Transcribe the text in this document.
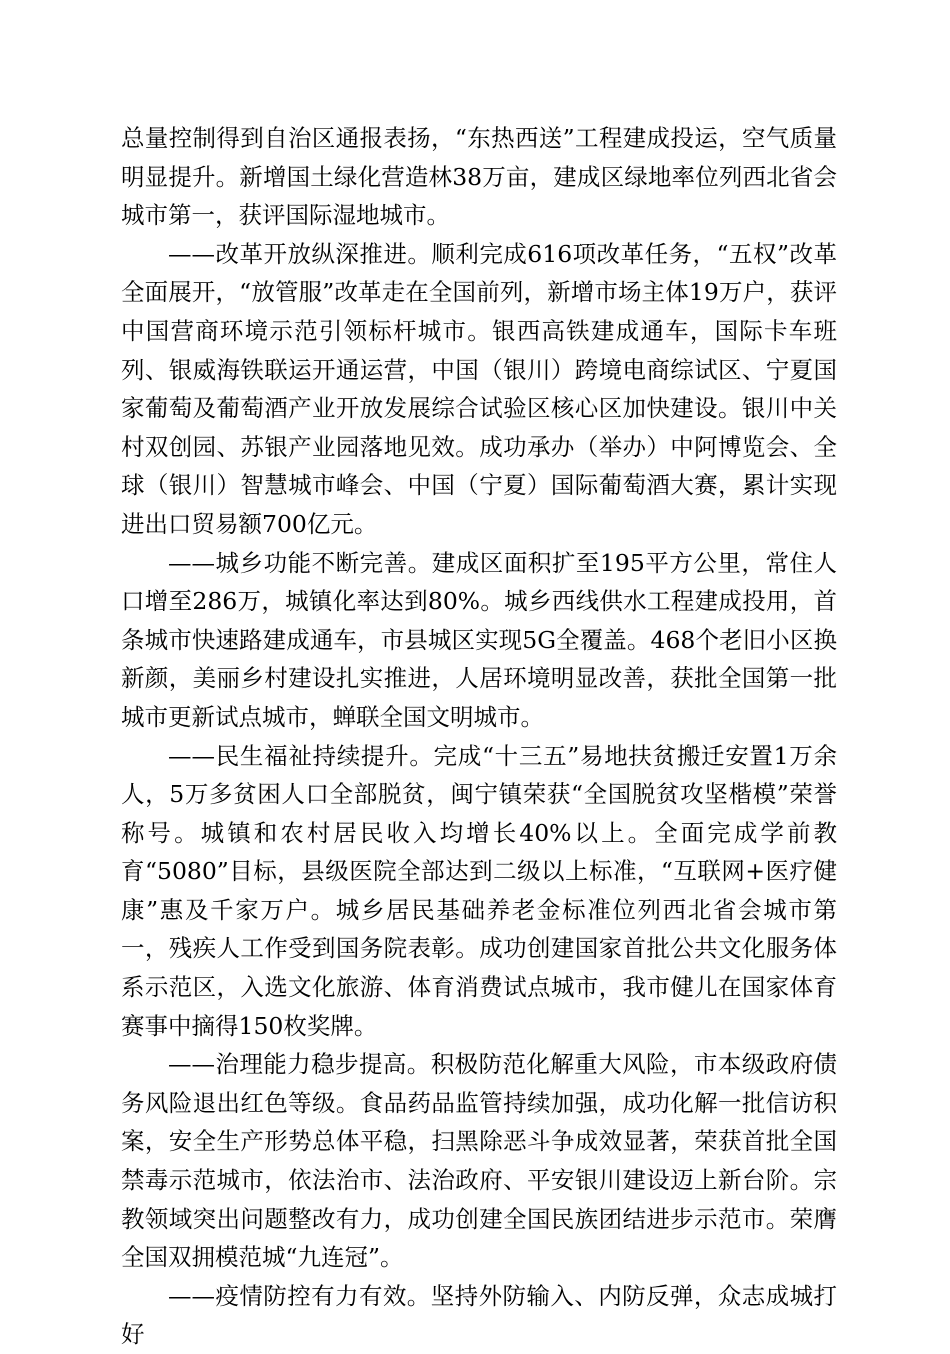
总量控制得到自治区通报表扬，“东热西送”工程建成投运，空气质量明显提升。新增国土绿化营造林38万亩，建成区绿地率位列西北省会城市第一，获评国际湿地城市。

——改革开放纵深推进。顺利完成616项改革任务，“五权”改革全面展开，“放管服”改革走在全国前列，新增市场主体19万户，获评中国营商环境示范引领标杆城市。银西高铁建成通车，国际卡车班列、银威海铁联运开通运营，中国（银川）跨境电商综试区、宁夏国家葡萄及葡萄酒产业开放发展综合试验区核心区加快建设。银川中关村双创园、苏银产业园落地见效。成功承办（举办）中阿博览会、全球（银川）智慧城市峰会、中国（宁夏）国际葡萄酒大赛，累计实现进出口贸易额700亿元。

——城乡功能不断完善。建成区面积扩至195平方公里，常住人口增至286万，城镇化率达到80%。城乡西线供水工程建成投用，首条城市快速路建成通车，市县城区实现5G全覆盖。468个老旧小区换新颜，美丽乡村建设扎实推进，人居环境明显改善，获批全国第一批城市更新试点城市，蝉联全国文明城市。

——民生福祉持续提升。完成“十三五”易地扶贫搬迁安置1万余人，5万多贫困人口全部脱贫，闽宁镇荣获“全国脱贫攻坚楷模”荣誉称号。城镇和农村居民收入均增长40%以上。全面完成学前教育“5080”目标，县级医院全部达到二级以上标准，“互联网+医疗健康”惠及千家万户。城乡居民基础养老金标准位列西北省会城市第一，残疾人工作受到国务院表彰。成功创建国家首批公共文化服务体系示范区，入选文化旅游、体育消费试点城市，我市健儿在国家体育赛事中摘得150枚奖牌。

——治理能力稳步提高。积极防范化解重大风险，市本级政府债务风险退出红色等级。食品药品监管持续加强，成功化解一批信访积案，安全生产形势总体平稳，扫黑除恶斗争成效显著，荣获首批全国禁毒示范城市，依法治市、法治政府、平安银川建设迈上新台阶。宗教领域突出问题整改有力，成功创建全国民族团结进步示范市。荣膺全国双拥模范城“九连冠”。

——疫情防控有力有效。坚持外防输入、内防反弹，众志成城打好
